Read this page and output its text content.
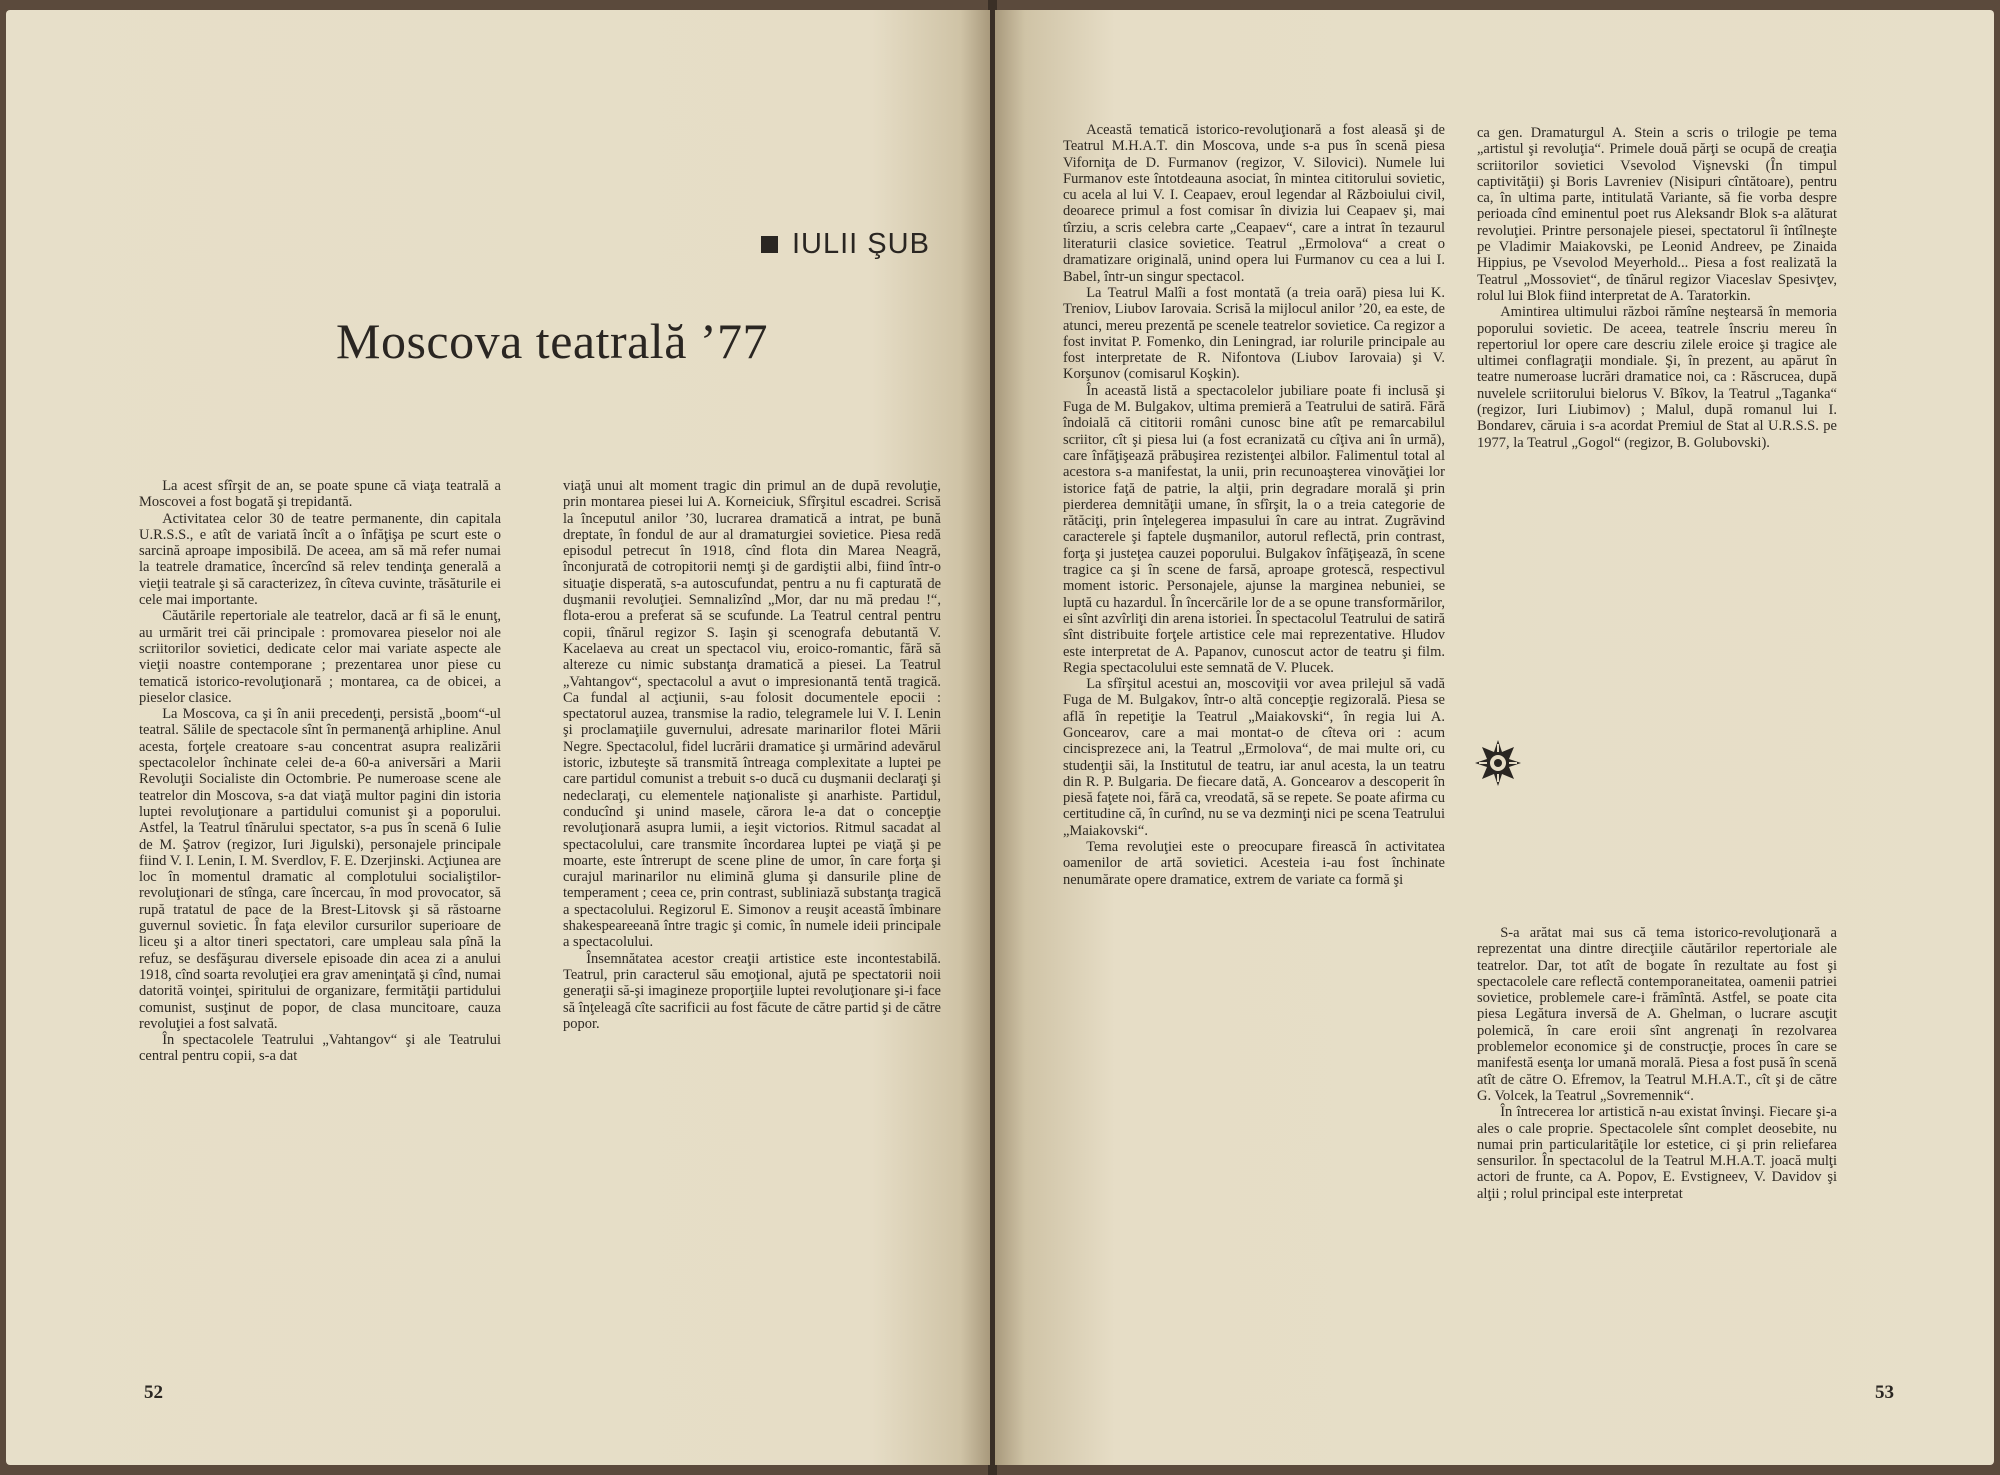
IULII ŞUB
Moscova teatrală ’77

La acest sfîrşit de an, se poate spune că viaţa teatrală a Moscovei a fost bogată şi trepidantă.

Activitatea celor 30 de teatre permanente, din capitala U.R.S.S., e atît de variată încît a o înfăţişa pe scurt este o sarcină aproape imposibilă. De aceea, am să mă refer numai la teatrele dramatice, încercînd să relev tendinţa generală a vieţii teatrale şi să caracterizez, în cîteva cuvinte, trăsăturile ei cele mai importante.

Căutările repertoriale ale teatrelor, dacă ar fi să le enunţ, au urmărit trei căi principale : promovarea pieselor noi ale scriitorilor sovietici, dedicate celor mai variate aspecte ale vieţii noastre contemporane ; prezentarea unor piese cu tematică istorico-revoluţionară ; montarea, ca de obicei, a pieselor clasice.

La Moscova, ca şi în anii precedenţi, persistă „boom“-ul teatral. Sălile de spectacole sînt în permanenţă arhipline. Anul acesta, forţele creatoare s-au concentrat asupra realizării spectacolelor închinate celei de-a 60-a aniversări a Marii Revoluţii Socialiste din Octombrie. Pe numeroase scene ale teatrelor din Moscova, s-a dat viaţă multor pagini din istoria luptei revoluţionare a partidului comunist şi a poporului. Astfel, la Teatrul tînărului spectator, s-a pus în scenă 6 Iulie de M. Şatrov (regizor, Iuri Jigulski), personajele principale fiind V. I. Lenin, I. M. Sverdlov, F. E. Dzerjinski. Acţiunea are loc în momentul dramatic al complotului socialiştilor-revoluţionari de stînga, care încercau, în mod provocator, să rupă tratatul de pace de la Brest-Litovsk şi să răstoarne guvernul sovietic. În faţa elevilor cursurilor superioare de liceu şi a altor tineri spectatori, care umpleau sala pînă la refuz, se desfăşurau diversele episoade din acea zi a anului 1918, cînd soarta revoluţiei era grav ameninţată şi cînd, numai datorită voinţei, spiritului de organizare, fermităţii partidului comunist, susţinut de popor, de clasa muncitoare, cauza revoluţiei a fost salvată.

În spectacolele Teatrului „Vahtangov“ şi ale Teatrului central pentru copii, s-a dat

viaţă unui alt moment tragic din primul an de după revoluţie, prin montarea piesei lui A. Korneiciuk, Sfîrşitul escadrei. Scrisă la începutul anilor ’30, lucrarea dramatică a intrat, pe bună dreptate, în fondul de aur al dramaturgiei sovietice. Piesa redă episodul petrecut în 1918, cînd flota din Marea Neagră, înconjurată de cotropitorii nemţi şi de gardiştii albi, fiind într-o situaţie disperată, s-a autoscufundat, pentru a nu fi capturată de duşmanii revoluţiei. Semnalizînd „Mor, dar nu mă predau !“, flota-erou a preferat să se scufunde. La Teatrul central pentru copii, tînărul regizor S. Iaşin şi scenografa debutantă V. Kacelaeva au creat un spectacol viu, eroico-romantic, fără să altereze cu nimic substanţa dramatică a piesei. La Teatrul „Vahtangov“, spectacolul a avut o impresionantă tentă tragică. Ca fundal al acţiunii, s-au folosit documentele epocii : spectatorul auzea, transmise la radio, telegramele lui V. I. Lenin şi proclamaţiile guvernului, adresate marinarilor flotei Mării Negre. Spectacolul, fidel lucrării dramatice şi urmărind adevărul istoric, izbuteşte să transmită întreaga complexitate a luptei pe care partidul comunist a trebuit s-o ducă cu duşmanii declaraţi şi nedeclaraţi, cu elementele naţionaliste şi anarhiste. Partidul, conducînd şi unind masele, cărora le-a dat o concepţie revoluţionară asupra lumii, a ieşit victorios. Ritmul sacadat al spectacolului, care transmite încordarea luptei pe viaţă şi pe moarte, este întrerupt de scene pline de umor, în care forţa şi curajul marinarilor nu elimină gluma şi dansurile pline de temperament ; ceea ce, prin contrast, subliniază substanţa tragică a spectacolului. Regizorul E. Simonov a reuşit această îmbinare shakespeareeană între tragic şi comic, în numele ideii principale a spectacolului.

Însemnătatea acestor creaţii artistice este incontestabilă. Teatrul, prin caracterul său emoţional, ajută pe spectatorii noii generaţii să-şi imagineze proporţiile luptei revoluţionare şi-i face să înţeleagă cîte sacrificii au fost făcute de către partid şi de către popor.

52

Această tematică istorico-revoluţionară a fost aleasă şi de Teatrul M.H.A.T. din Moscova, unde s-a pus în scenă piesa Viforniţa de D. Furmanov (regizor, V. Silovici). Numele lui Furmanov este întotdeauna asociat, în mintea cititorului sovietic, cu acela al lui V. I. Ceapaev, eroul legendar al Războiului civil, deoarece primul a fost comisar în divizia lui Ceapaev şi, mai tîrziu, a scris celebra carte „Ceapaev“, care a intrat în tezaurul literaturii clasice sovietice. Teatrul „Ermolova“ a creat o dramatizare originală, unind opera lui Furmanov cu cea a lui I. Babel, într-un singur spectacol.

La Teatrul Malîi a fost montată (a treia oară) piesa lui K. Treniov, Liubov Iarovaia. Scrisă la mijlocul anilor ’20, ea este, de atunci, mereu prezentă pe scenele teatrelor sovietice. Ca regizor a fost invitat P. Fomenko, din Leningrad, iar rolurile principale au fost interpretate de R. Nifontova (Liubov Iarovaia) şi V. Korşunov (comisarul Koşkin).

În această listă a spectacolelor jubiliare poate fi inclusă şi Fuga de M. Bulgakov, ultima premieră a Teatrului de satiră. Fără îndoială că cititorii români cunosc bine atît pe remarcabilul scriitor, cît şi piesa lui (a fost ecranizată cu cîţiva ani în urmă), care înfăţişează prăbuşirea rezistenţei albilor. Falimentul total al acestora s-a manifestat, la unii, prin recunoaşterea vinovăţiei lor istorice faţă de patrie, la alţii, prin degradare morală şi prin pierderea demnităţii umane, în sfîrşit, la o a treia categorie de rătăciţi, prin înţelegerea impasului în care au intrat. Zugrăvind caracterele şi faptele duşmanilor, autorul reflectă, prin contrast, forţa şi justeţea cauzei poporului. Bulgakov înfăţişează, în scene tragice ca şi în scene de farsă, aproape grotescă, respectivul moment istoric. Personajele, ajunse la marginea nebuniei, se luptă cu hazardul. În încercările lor de a se opune transformărilor, ei sînt azvîrliţi din arena istoriei. În spectacolul Teatrului de satiră sînt distribuite forţele artistice cele mai reprezentative. Hludov este interpretat de A. Papanov, cunoscut actor de teatru şi film. Regia spectacolului este semnată de V. Plucek.

La sfîrşitul acestui an, moscoviţii vor avea prilejul să vadă Fuga de M. Bulgakov, într-o altă concepţie regizorală. Piesa se află în repetiţie la Teatrul „Maiakovski“, în regia lui A. Goncearov, care a mai montat-o de cîteva ori : acum cincisprezece ani, la Teatrul „Ermolova“, de mai multe ori, cu studenţii săi, la Institutul de teatru, iar anul acesta, la un teatru din R. P. Bulgaria. De fiecare dată, A. Goncearov a descoperit în piesă faţete noi, fără ca, vreodată, să se repete. Se poate afirma cu certitudine că, în curînd, nu se va dezminţi nici pe scena Teatrului „Maiakovski“.

Tema revoluţiei este o preocupare firească în activitatea oamenilor de artă sovietici. Acesteia i-au fost închinate nenumărate opere dramatice, extrem de variate ca formă şi

ca gen. Dramaturgul A. Stein a scris o trilogie pe tema „artistul şi revoluţia“. Primele două părţi se ocupă de creaţia scriitorilor sovietici Vsevolod Vişnevski (În timpul captivităţii) şi Boris Lavreniev (Nisipuri cîntătoare), pentru ca, în ultima parte, intitulată Variante, să fie vorba despre perioada cînd eminentul poet rus Aleksandr Blok s-a alăturat revoluţiei. Printre personajele piesei, spectatorul îi întîlneşte pe Vladimir Maiakovski, pe Leonid Andreev, pe Zinaida Hippius, pe Vsevolod Meyerhold... Piesa a fost realizată la Teatrul „Mossoviet“, de tînărul regizor Viaceslav Spesivţev, rolul lui Blok fiind interpretat de A. Taratorkin.

Amintirea ultimului război rămîne neştearsă în memoria poporului sovietic. De aceea, teatrele înscriu mereu în repertoriul lor opere care descriu zilele eroice şi tragice ale ultimei conflagraţii mondiale. Şi, în prezent, au apărut în teatre numeroase lucrări dramatice noi, ca : Răscrucea, după nuvelele scriitorului bielorus V. Bîkov, la Teatrul „Taganka“ (regizor, Iuri Liubimov) ; Malul, după romanul lui I. Bondarev, căruia i s-a acordat Premiul de Stat al U.R.S.S. pe 1977, la Teatrul „Gogol“ (regizor, B. Golubovski).

S-a arătat mai sus că tema istorico-revoluţionară a reprezentat una dintre direcţiile căutărilor repertoriale ale teatrelor. Dar, tot atît de bogate în rezultate au fost şi spectacolele care reflectă contemporaneitatea, oamenii patriei sovietice, problemele care-i frămîntă. Astfel, se poate cita piesa Legătura inversă de A. Ghelman, o lucrare ascuţit polemică, în care eroii sînt angrenaţi în rezolvarea problemelor economice şi de construcţie, proces în care se manifestă esenţa lor umană morală. Piesa a fost pusă în scenă atît de către O. Efremov, la Teatrul M.H.A.T., cît şi de către G. Volcek, la Teatrul „Sovremennik“.

În întrecerea lor artistică n-au existat învinşi. Fiecare şi-a ales o cale proprie. Spectacolele sînt complet deosebite, nu numai prin particularităţile lor estetice, ci şi prin reliefarea sensurilor. În spectacolul de la Teatrul M.H.A.T. joacă mulţi actori de frunte, ca A. Popov, E. Evstigneev, V. Davidov şi alţii ; rolul principal este interpretat

53
